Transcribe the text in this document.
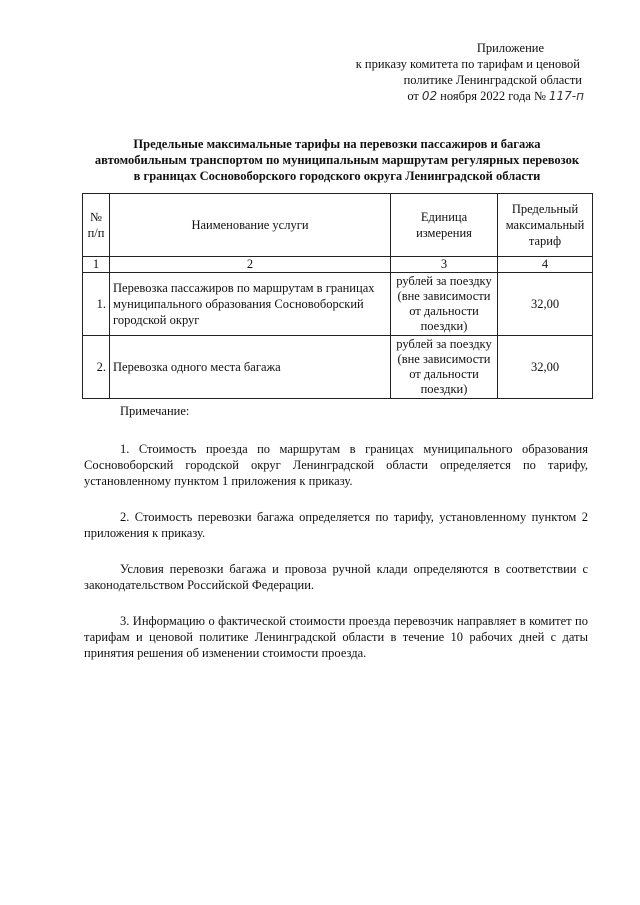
Приложение
к приказу комитета по тарифам и ценовой
политике Ленинградской области
от 02 ноября 2022 года № 117-п
Предельные максимальные тарифы на перевозки пассажиров и багажа автомобильным транспортом по муниципальным маршрутам регулярных перевозок в границах Сосновоборского городского округа Ленинградской области
№ п/п	Наименование услуги	Единица измерения	Предельный максимальный тариф
1	2	3	4
1.	Перевозка пассажиров по маршрутам в границах муниципального образования Сосновоборский городской округ	рублей за поездку (вне зависимости от дальности поездки)	32,00
2.	Перевозка одного места багажа	рублей за поездку (вне зависимости от дальности поездки)	32,00

Примечание:

1. Стоимость проезда по маршрутам в границах муниципального образования Сосновоборский городской округ Ленинградской области определяется по тарифу, установленному пунктом 1 приложения к приказу.

2. Стоимость перевозки багажа определяется по тарифу, установленному пунктом 2 приложения к приказу.

Условия перевозки багажа и провоза ручной клади определяются в соответствии с законодательством Российской Федерации.

3. Информацию о фактической стоимости проезда перевозчик направляет в комитет по тарифам и ценовой политике Ленинградской области в течение 10 рабочих дней с даты принятия решения об изменении стоимости проезда.
